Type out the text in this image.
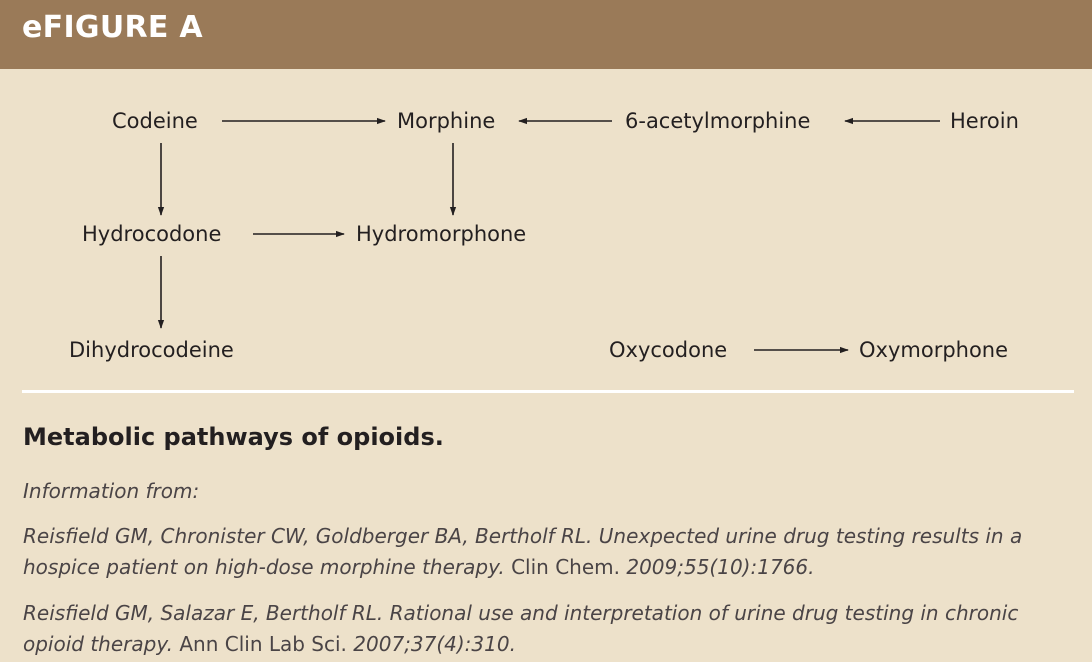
eFIGURE A
Codeine	Morphine	6-acetylmorphine	Heroin
Hydrocodone	Hydromorphone
Dihydrocodeine	Oxycodone	Oxymorphone
Metabolic pathways of opioids.
Information from:
Reisfield GM, Chronister CW, Goldberger BA, Bertholf RL. Unexpected urine drug testing results in a hospice patient on high-dose morphine therapy. Clin Chem. 2009;55(10):1766.
Reisfield GM, Salazar E, Bertholf RL. Rational use and interpretation of urine drug testing in chronic opioid therapy. Ann Clin Lab Sci. 2007;37(4):310.
